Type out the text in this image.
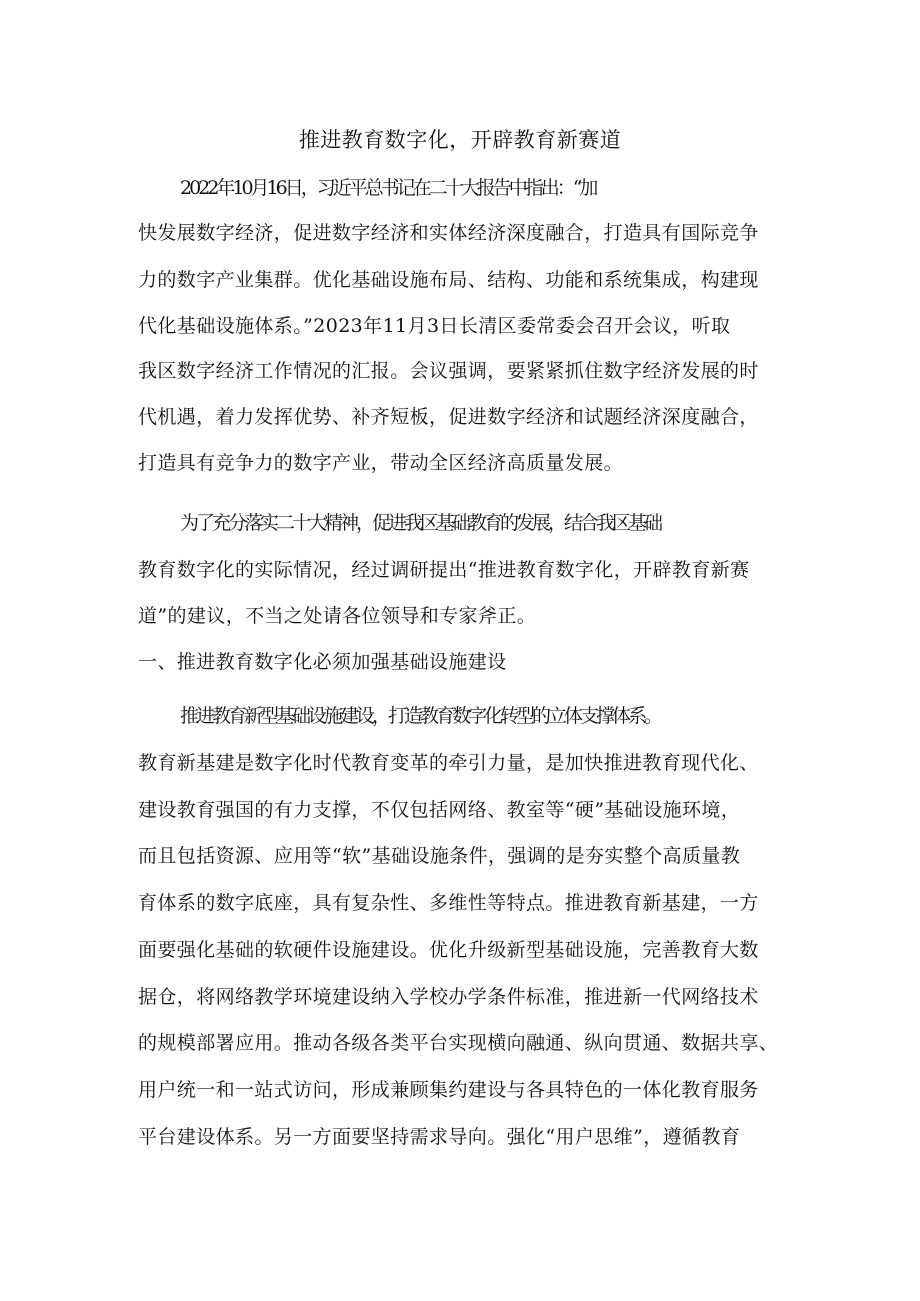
推进教育数字化，开辟教育新赛道
2022年10月16日，习近平总书记在二十大报告中指出：“加
快发展数字经济，促进数字经济和实体经济深度融合，打造具有国际竞争
力的数字产业集群。优化基础设施布局、结构、功能和系统集成，构建现
代化基础设施体系。”2023年11月3日长清区委常委会召开会议，听取
我区数字经济工作情况的汇报。会议强调，要紧紧抓住数字经济发展的时
代机遇，着力发挥优势、补齐短板，促进数字经济和试题经济深度融合，
打造具有竞争力的数字产业，带动全区经济高质量发展。
为了充分落实二十大精神，促进我区基础教育的发展，结合我区基础
教育数字化的实际情况，经过调研提出“推进教育数字化，开辟教育新赛
道”的建议，不当之处请各位领导和专家斧正。
一、推进教育数字化必须加强基础设施建设
推进教育新型基础设施建设，打造教育数字化转型的立体支撑体系。
教育新基建是数字化时代教育变革的牵引力量，是加快推进教育现代化、
建设教育强国的有力支撑，不仅包括网络、教室等“硬”基础设施环境，
而且包括资源、应用等“软”基础设施条件，强调的是夯实整个高质量教
育体系的数字底座，具有复杂性、多维性等特点。推进教育新基建，一方
面要强化基础的软硬件设施建设。优化升级新型基础设施，完善教育大数
据仓，将网络教学环境建设纳入学校办学条件标准，推进新一代网络技术
的规模部署应用。推动各级各类平台实现横向融通、纵向贯通、数据共享、
用户统一和一站式访问，形成兼顾集约建设与各具特色的一体化教育服务
平台建设体系。另一方面要坚持需求导向。强化“用户思维”，遵循教育
